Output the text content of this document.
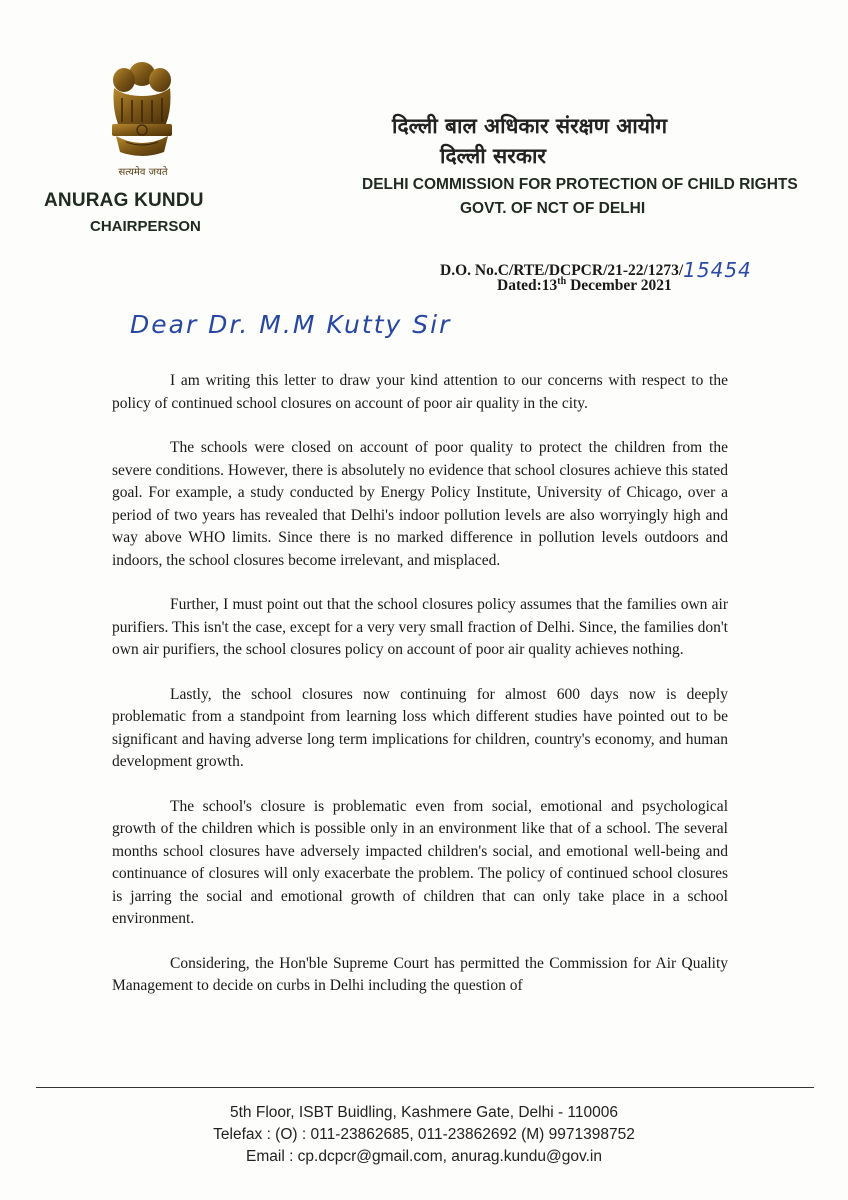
सत्यमेव जयते
ANURAG KUNDU
CHAIRPERSON
दिल्ली बाल अधिकार संरक्षण आयोग
दिल्ली सरकार
DELHI COMMISSION FOR PROTECTION OF CHILD RIGHTS
GOVT. OF NCT OF DELHI
D.O. No.C/RTE/DCPCR/21-22/1273/15454
Dated:13th December 2021
Dear Dr. M.M Kutty Sir

I am writing this letter to draw your kind attention to our concerns with respect to the policy of continued school closures on account of poor air quality in the city.

The schools were closed on account of poor quality to protect the children from the severe conditions. However, there is absolutely no evidence that school closures achieve this stated goal. For example, a study conducted by Energy Policy Institute, University of Chicago, over a period of two years has revealed that Delhi's indoor pollution levels are also worryingly high and way above WHO limits. Since there is no marked difference in pollution levels outdoors and indoors, the school closures become irrelevant, and misplaced.

Further, I must point out that the school closures policy assumes that the families own air purifiers. This isn't the case, except for a very very small fraction of Delhi. Since, the families don't own air purifiers, the school closures policy on account of poor air quality achieves nothing.

Lastly, the school closures now continuing for almost 600 days now is deeply problematic from a standpoint from learning loss which different studies have pointed out to be significant and having adverse long term implications for children, country's economy, and human development growth.

The school's closure is problematic even from social, emotional and psychological growth of the children which is possible only in an environment like that of a school. The several months school closures have adversely impacted children's social, and emotional well-being and continuance of closures will only exacerbate the problem. The policy of continued school closures is jarring the social and emotional growth of children that can only take place in a school environment.

Considering, the Hon'ble Supreme Court has permitted the Commission for Air Quality Management to decide on curbs in Delhi including the question of

5th Floor, ISBT Buidling, Kashmere Gate, Delhi - 110006
Telefax : (O) : 011-23862685, 011-23862692 (M) 9971398752
Email : cp.dcpcr@gmail.com, anurag.kundu@gov.in
